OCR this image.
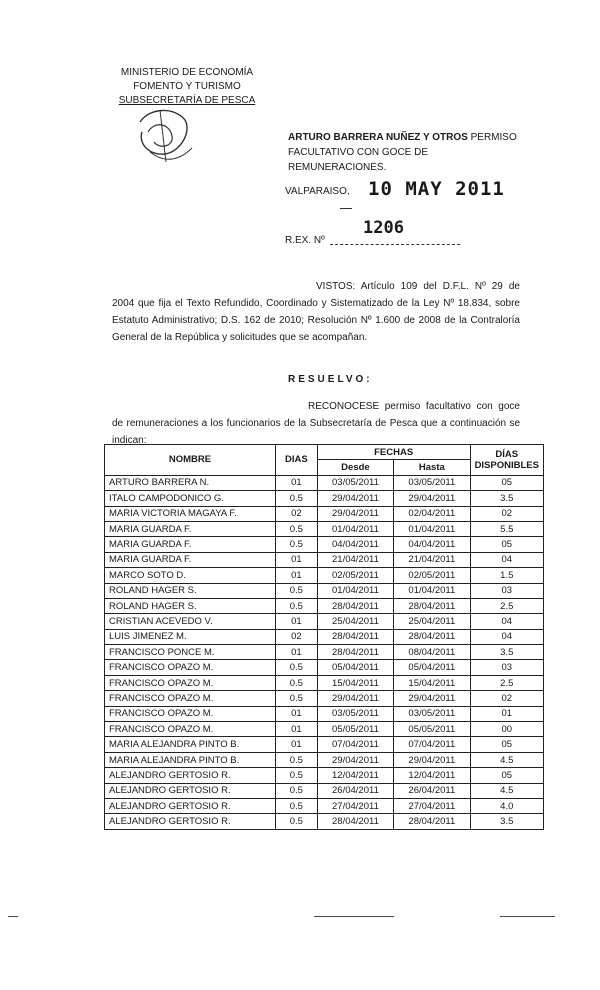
MINISTERIO DE ECONOMÍA
FOMENTO Y TURISMO
SUBSECRETARÍA DE PESCA
ARTURO BARRERA NUÑEZ Y OTROS PERMISO FACULTATIVO CON GOCE DE REMUNERACIONES.
VALPARAISO, 10 MAY 2011
1206
R.EX. Nº
VISTOS: Artículo 109 del D.F.L. Nº 29 de 2004 que fija el Texto Refundido, Coordinado y Sistematizado de la Ley Nº 18.834, sobre Estatuto Administrativo; D.S. 162 de 2010; Resolución Nº 1.600 de 2008 de la Contraloría General de la República y solicitudes que se acompañan.
RESUELVO:
RECONOCESE permiso facultativo con goce de remuneraciones a los funcionarios de la Subsecretaría de Pesca que a continuación se indican:
NOMBRE	DIAS	FECHAS		DÍAS
DISPONIBLES

		Desde	Hasta	
ARTURO BARRERA N.	01	03/05/2011	03/05/2011	05
ITALO CAMPODONICO G.	0.5	29/04/2011	29/04/2011	3.5
MARIA VICTORIA MAGAYA F.	02	29/04/2011	02/04/2011	02
MARIA GUARDA F.	0.5	01/04/2011	01/04/2011	5.5
MARIA GUARDA F.	0.5	04/04/2011	04/04/2011	05
MARIA GUARDA F.	01	21/04/2011	21/04/2011	04
MARCO SOTO D.	01	02/05/2011	02/05/2011	1.5
ROLAND HAGER S.	0.5	01/04/2011	01/04/2011	03
ROLAND HAGER S.	0.5	28/04/2011	28/04/2011	2.5
CRISTIAN ACEVEDO V.	01	25/04/2011	25/04/2011	04
LUIS JIMENEZ M.	02	28/04/2011	28/04/2011	04
FRANCISCO PONCE M.	01	28/04/2011	08/04/2011	3.5
FRANCISCO OPAZO M.	0.5	05/04/2011	05/04/2011	03
FRANCISCO OPAZO M.	0.5	15/04/2011	15/04/2011	2.5
FRANCISCO OPAZO M.	0.5	29/04/2011	29/04/2011	02
FRANCISCO OPAZO M.	01	03/05/2011	03/05/2011	01
FRANCISCO OPAZO M.	01	05/05/2011	05/05/2011	00
MARIA ALEJANDRA PINTO B.	01	07/04/2011	07/04/2011	05
MARIA ALEJANDRA PINTO B.	0.5	29/04/2011	29/04/2011	4.5
ALEJANDRO GERTOSIO R.	0.5	12/04/2011	12/04/2011	05
ALEJANDRO GERTOSIO R.	0.5	26/04/2011	26/04/2011	4.5
ALEJANDRO GERTOSIO R.	0.5	27/04/2011	27/04/2011	4.0
ALEJANDRO GERTOSIO R.	0.5	28/04/2011	28/04/2011	3.5
